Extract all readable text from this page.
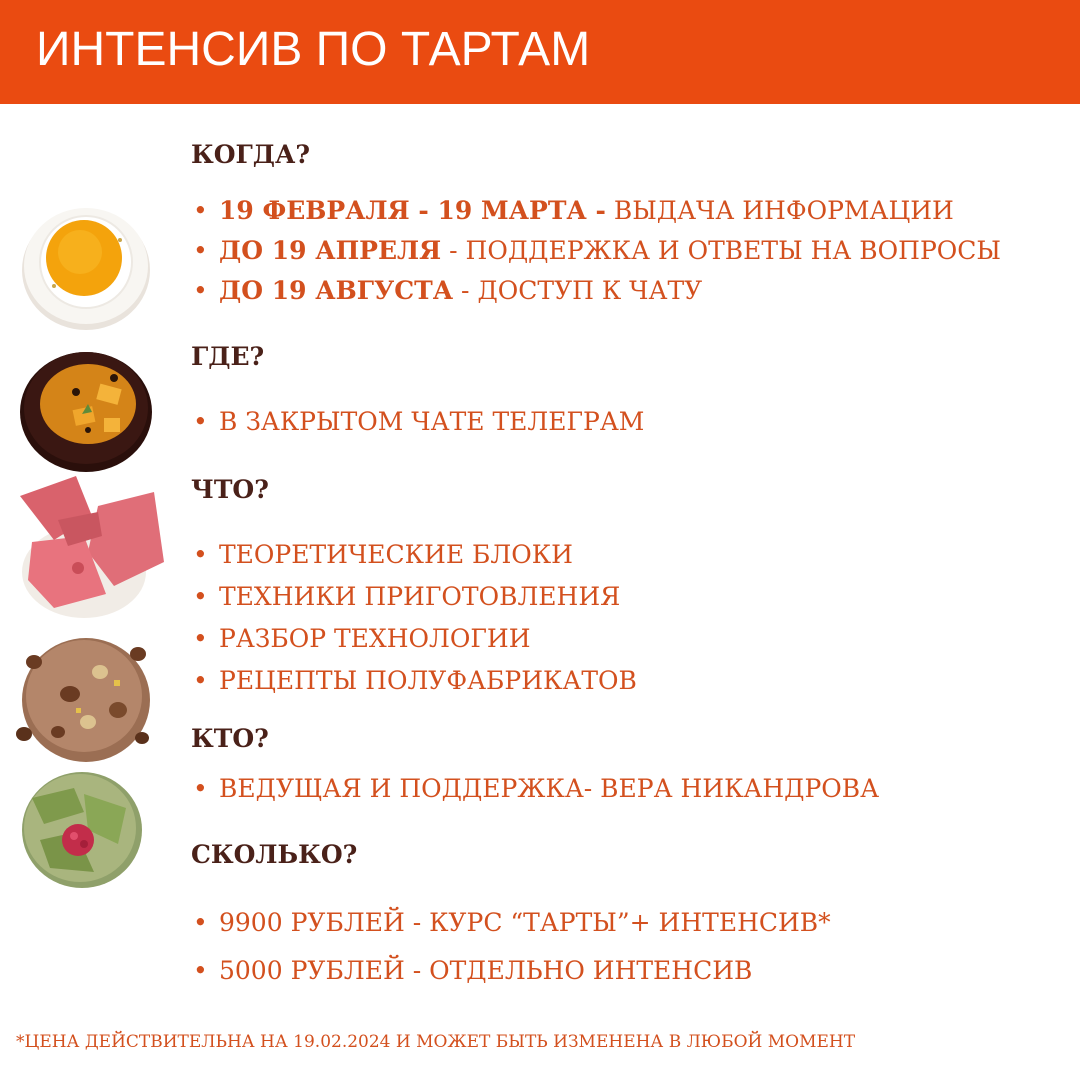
ИНТЕНСИВ ПО ТАРТАМ
КОГДА?
• 19 ФЕВРАЛЯ - 19 МАРТА - ВЫДАЧА ИНФОРМАЦИИ
• ДО 19 АПРЕЛЯ - ПОДДЕРЖКА И ОТВЕТЫ НА ВОПРОСЫ
• ДО 19 АВГУСТА - ДОСТУП К ЧАТУ
ГДЕ?
• В ЗАКРЫТОМ ЧАТЕ ТЕЛЕГРАМ
ЧТО?
• ТЕОРЕТИЧЕСКИЕ БЛОКИ
• ТЕХНИКИ ПРИГОТОВЛЕНИЯ
• РАЗБОР ТЕХНОЛОГИИ
• РЕЦЕПТЫ ПОЛУФАБРИКАТОВ
КТО?
• ВЕДУЩАЯ И ПОДДЕРЖКА- ВЕРА НИКАНДРОВА
СКОЛЬКО?
• 9900 РУБЛЕЙ - КУРС “ТАРТЫ”+ ИНТЕНСИВ*
• 5000 РУБЛЕЙ - ОТДЕЛЬНО ИНТЕНСИВ
*ЦЕНА ДЕЙСТВИТЕЛЬНА НА 19.02.2024 И МОЖЕТ БЫТЬ ИЗМЕНЕНА В ЛЮБОЙ МОМЕНТ
